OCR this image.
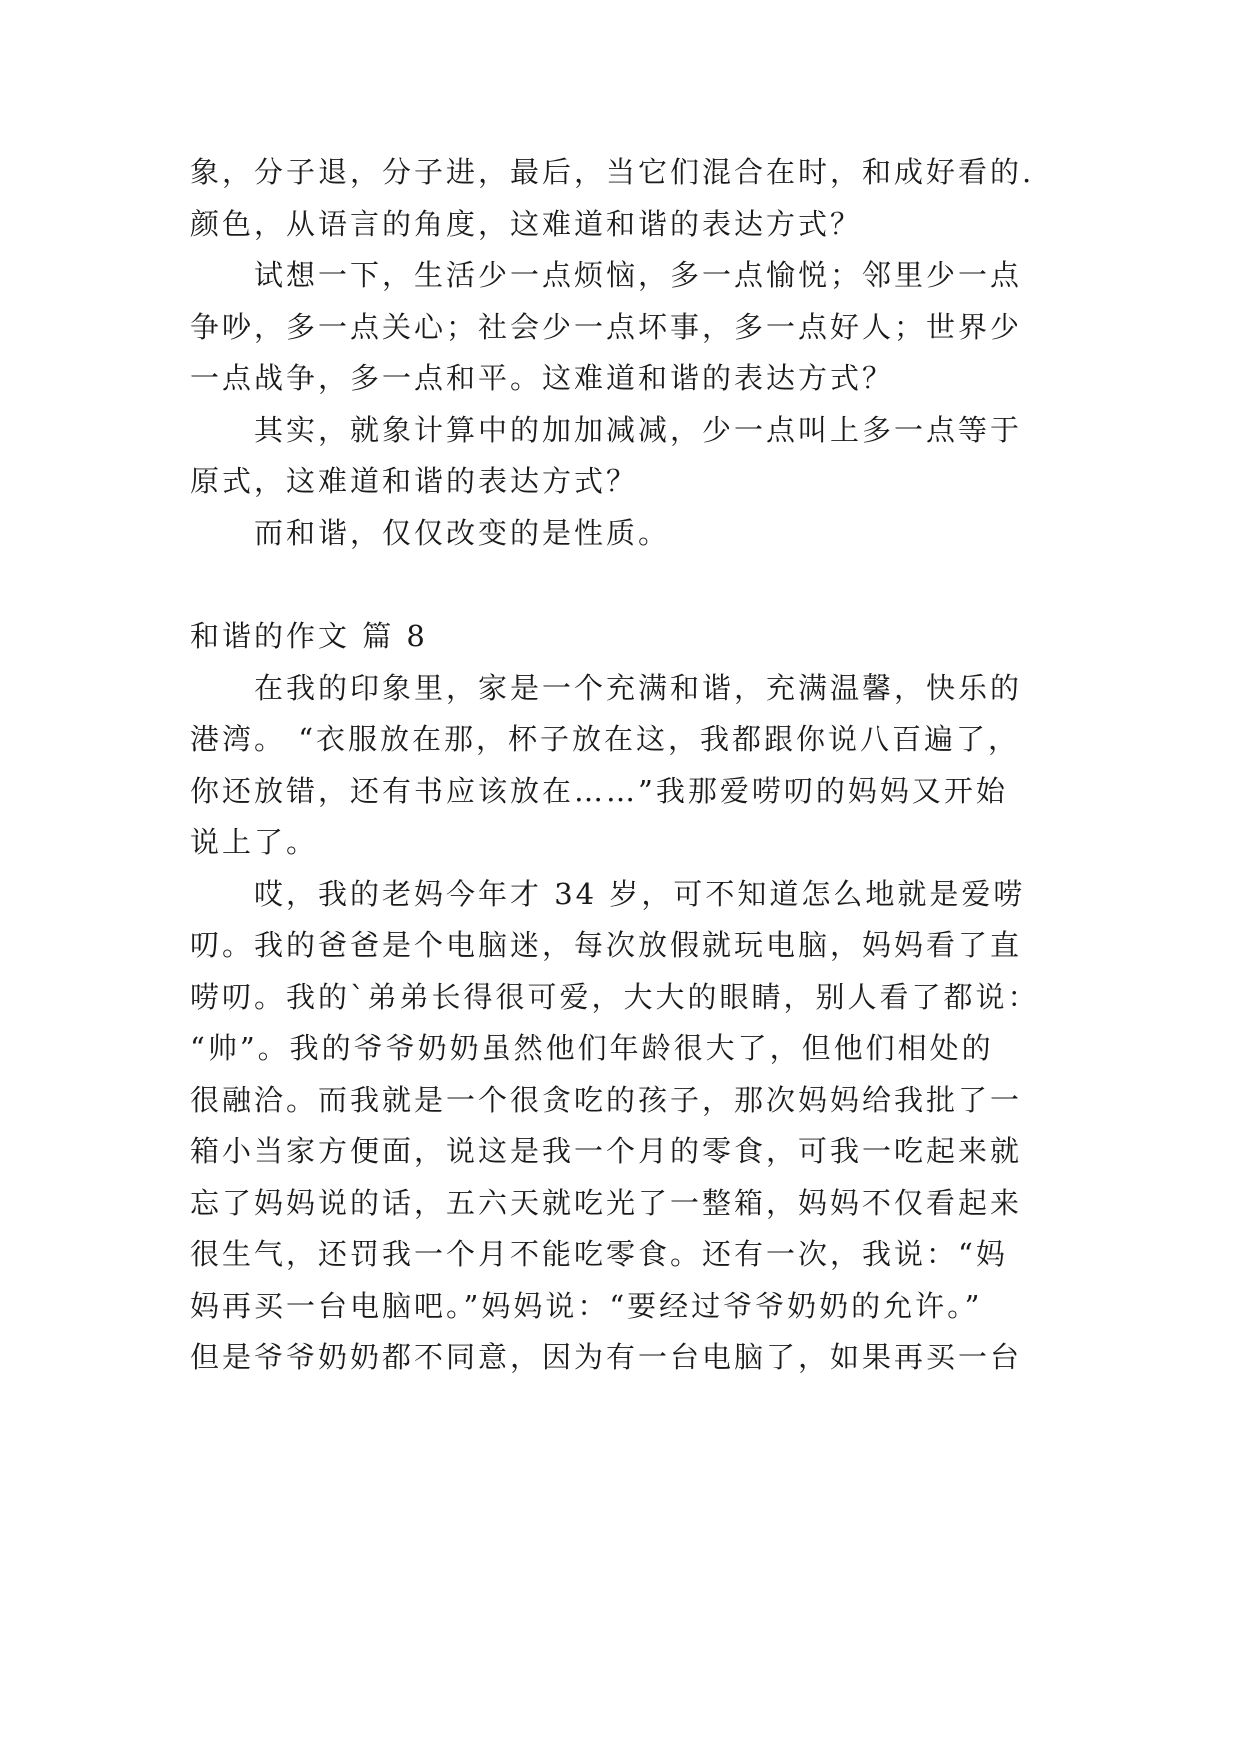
象，分子退，分子进，最后，当它们混合在时，和成好看的.
颜色，从语言的角度，这难道和谐的表达方式？
试想一下，生活少一点烦恼，多一点愉悦；邻里少一点
争吵，多一点关心；社会少一点坏事，多一点好人；世界少
一点战争，多一点和平。这难道和谐的表达方式？
其实，就象计算中的加加减减，少一点叫上多一点等于
原式，这难道和谐的表达方式？
而和谐，仅仅改变的是性质。
和谐的作文 篇 8
在我的印象里，家是一个充满和谐，充满温馨，快乐的
港湾。 “衣服放在那，杯子放在这，我都跟你说八百遍了，
你还放错，还有书应该放在……”我那爱唠叨的妈妈又开始
说上了。
哎，我的老妈今年才 34 岁，可不知道怎么地就是爱唠
叨。我的爸爸是个电脑迷，每次放假就玩电脑，妈妈看了直
唠叨。我的`弟弟长得很可爱，大大的眼睛，别人看了都说：
“帅”。我的爷爷奶奶虽然他们年龄很大了，但他们相处的
很融洽。而我就是一个很贪吃的孩子，那次妈妈给我批了一
箱小当家方便面，说这是我一个月的零食，可我一吃起来就
忘了妈妈说的话，五六天就吃光了一整箱，妈妈不仅看起来
很生气，还罚我一个月不能吃零食。还有一次，我说：“妈
妈再买一台电脑吧。”妈妈说：“要经过爷爷奶奶的允许。”
但是爷爷奶奶都不同意，因为有一台电脑了，如果再买一台
